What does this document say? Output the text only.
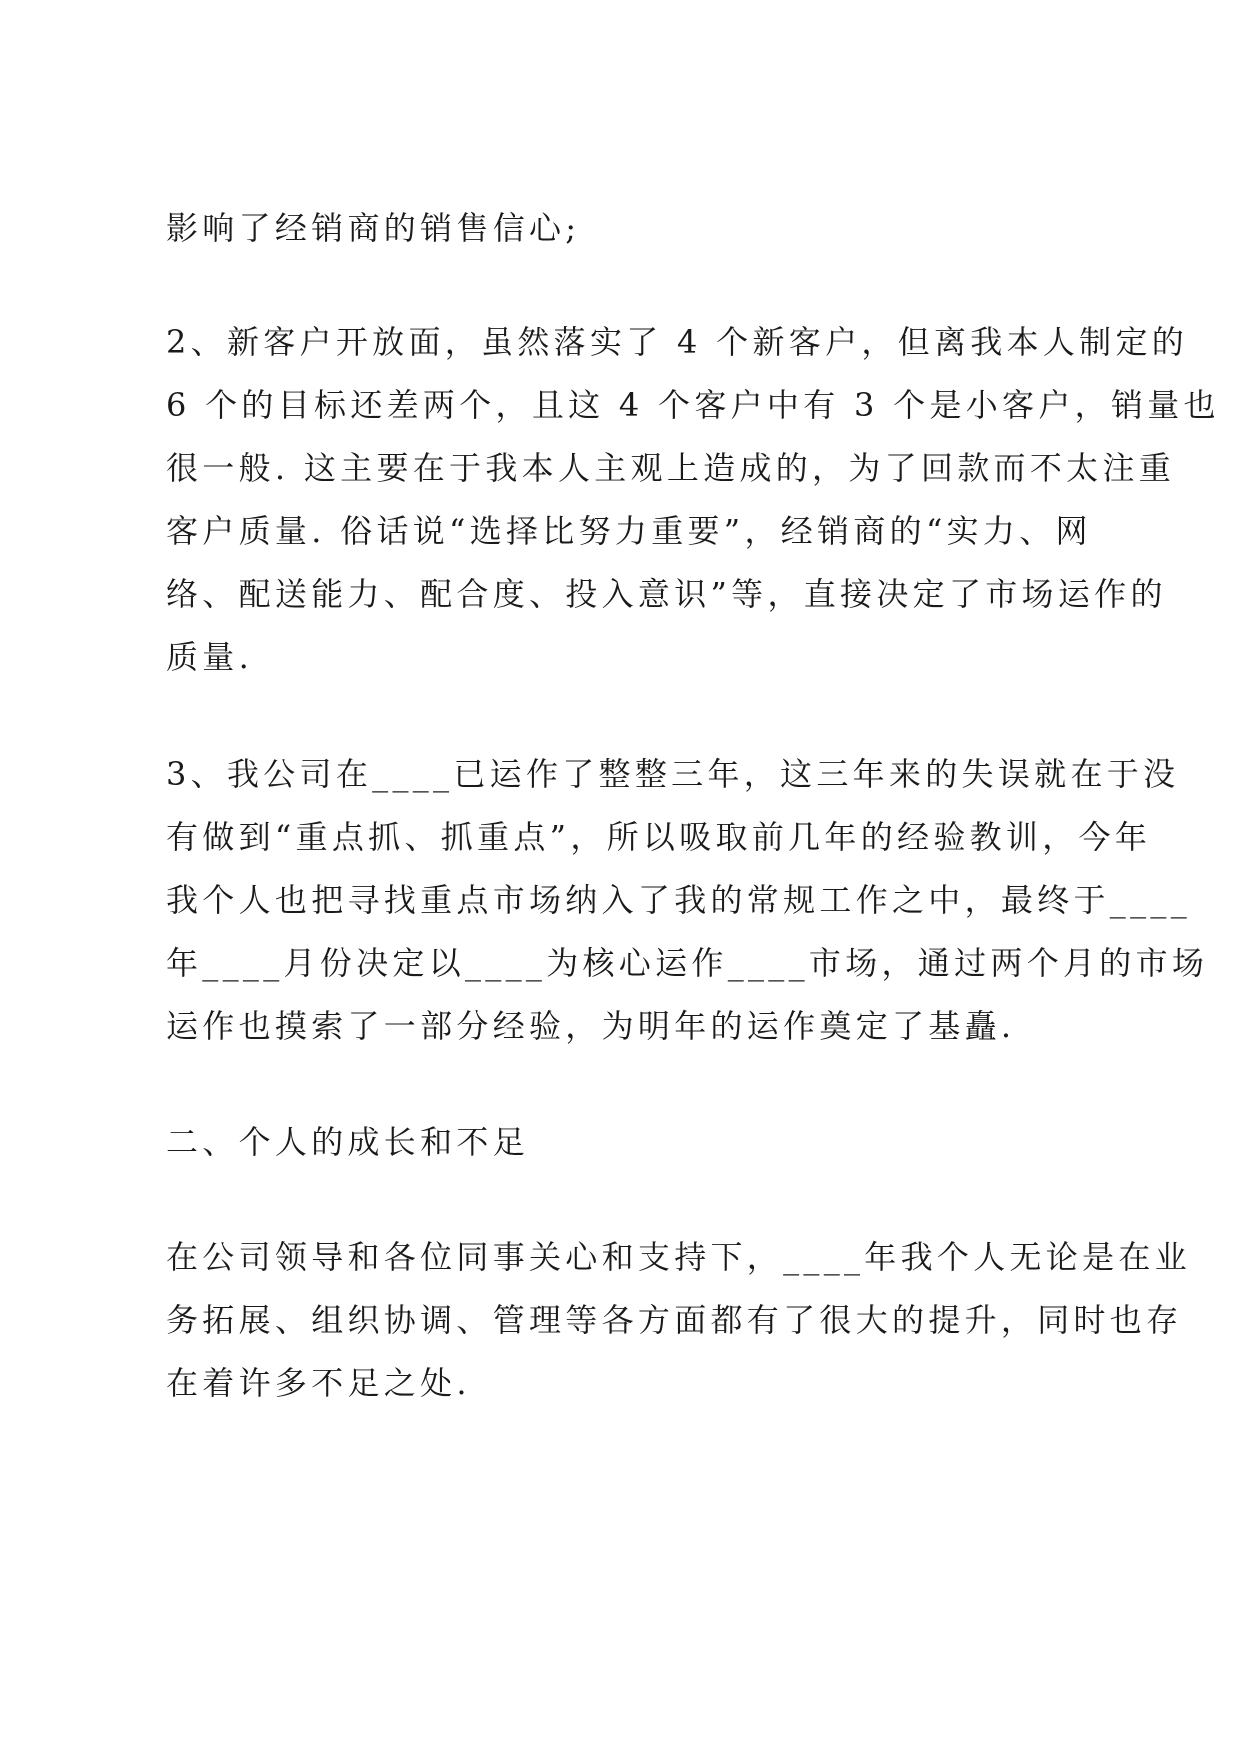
影响了经销商的销售信心;
2、新客户开放面，虽然落实了 4 个新客户，但离我本人制定的
6 个的目标还差两个，且这 4 个客户中有 3 个是小客户，销量也
很一般. 这主要在于我本人主观上造成的，为了回款而不太注重
客户质量. 俗话说“选择比努力重要”，经销商的“实力、网
络、配送能力、配合度、投入意识”等，直接决定了市场运作的
质量.
3、我公司在____已运作了整整三年，这三年来的失误就在于没
有做到“重点抓、抓重点”，所以吸取前几年的经验教训，今年
我个人也把寻找重点市场纳入了我的常规工作之中，最终于____
年____月份决定以____为核心运作____市场，通过两个月的市场
运作也摸索了一部分经验，为明年的运作奠定了基矗.
二、个人的成长和不足
在公司领导和各位同事关心和支持下，____年我个人无论是在业
务拓展、组织协调、管理等各方面都有了很大的提升，同时也存
在着许多不足之处.
